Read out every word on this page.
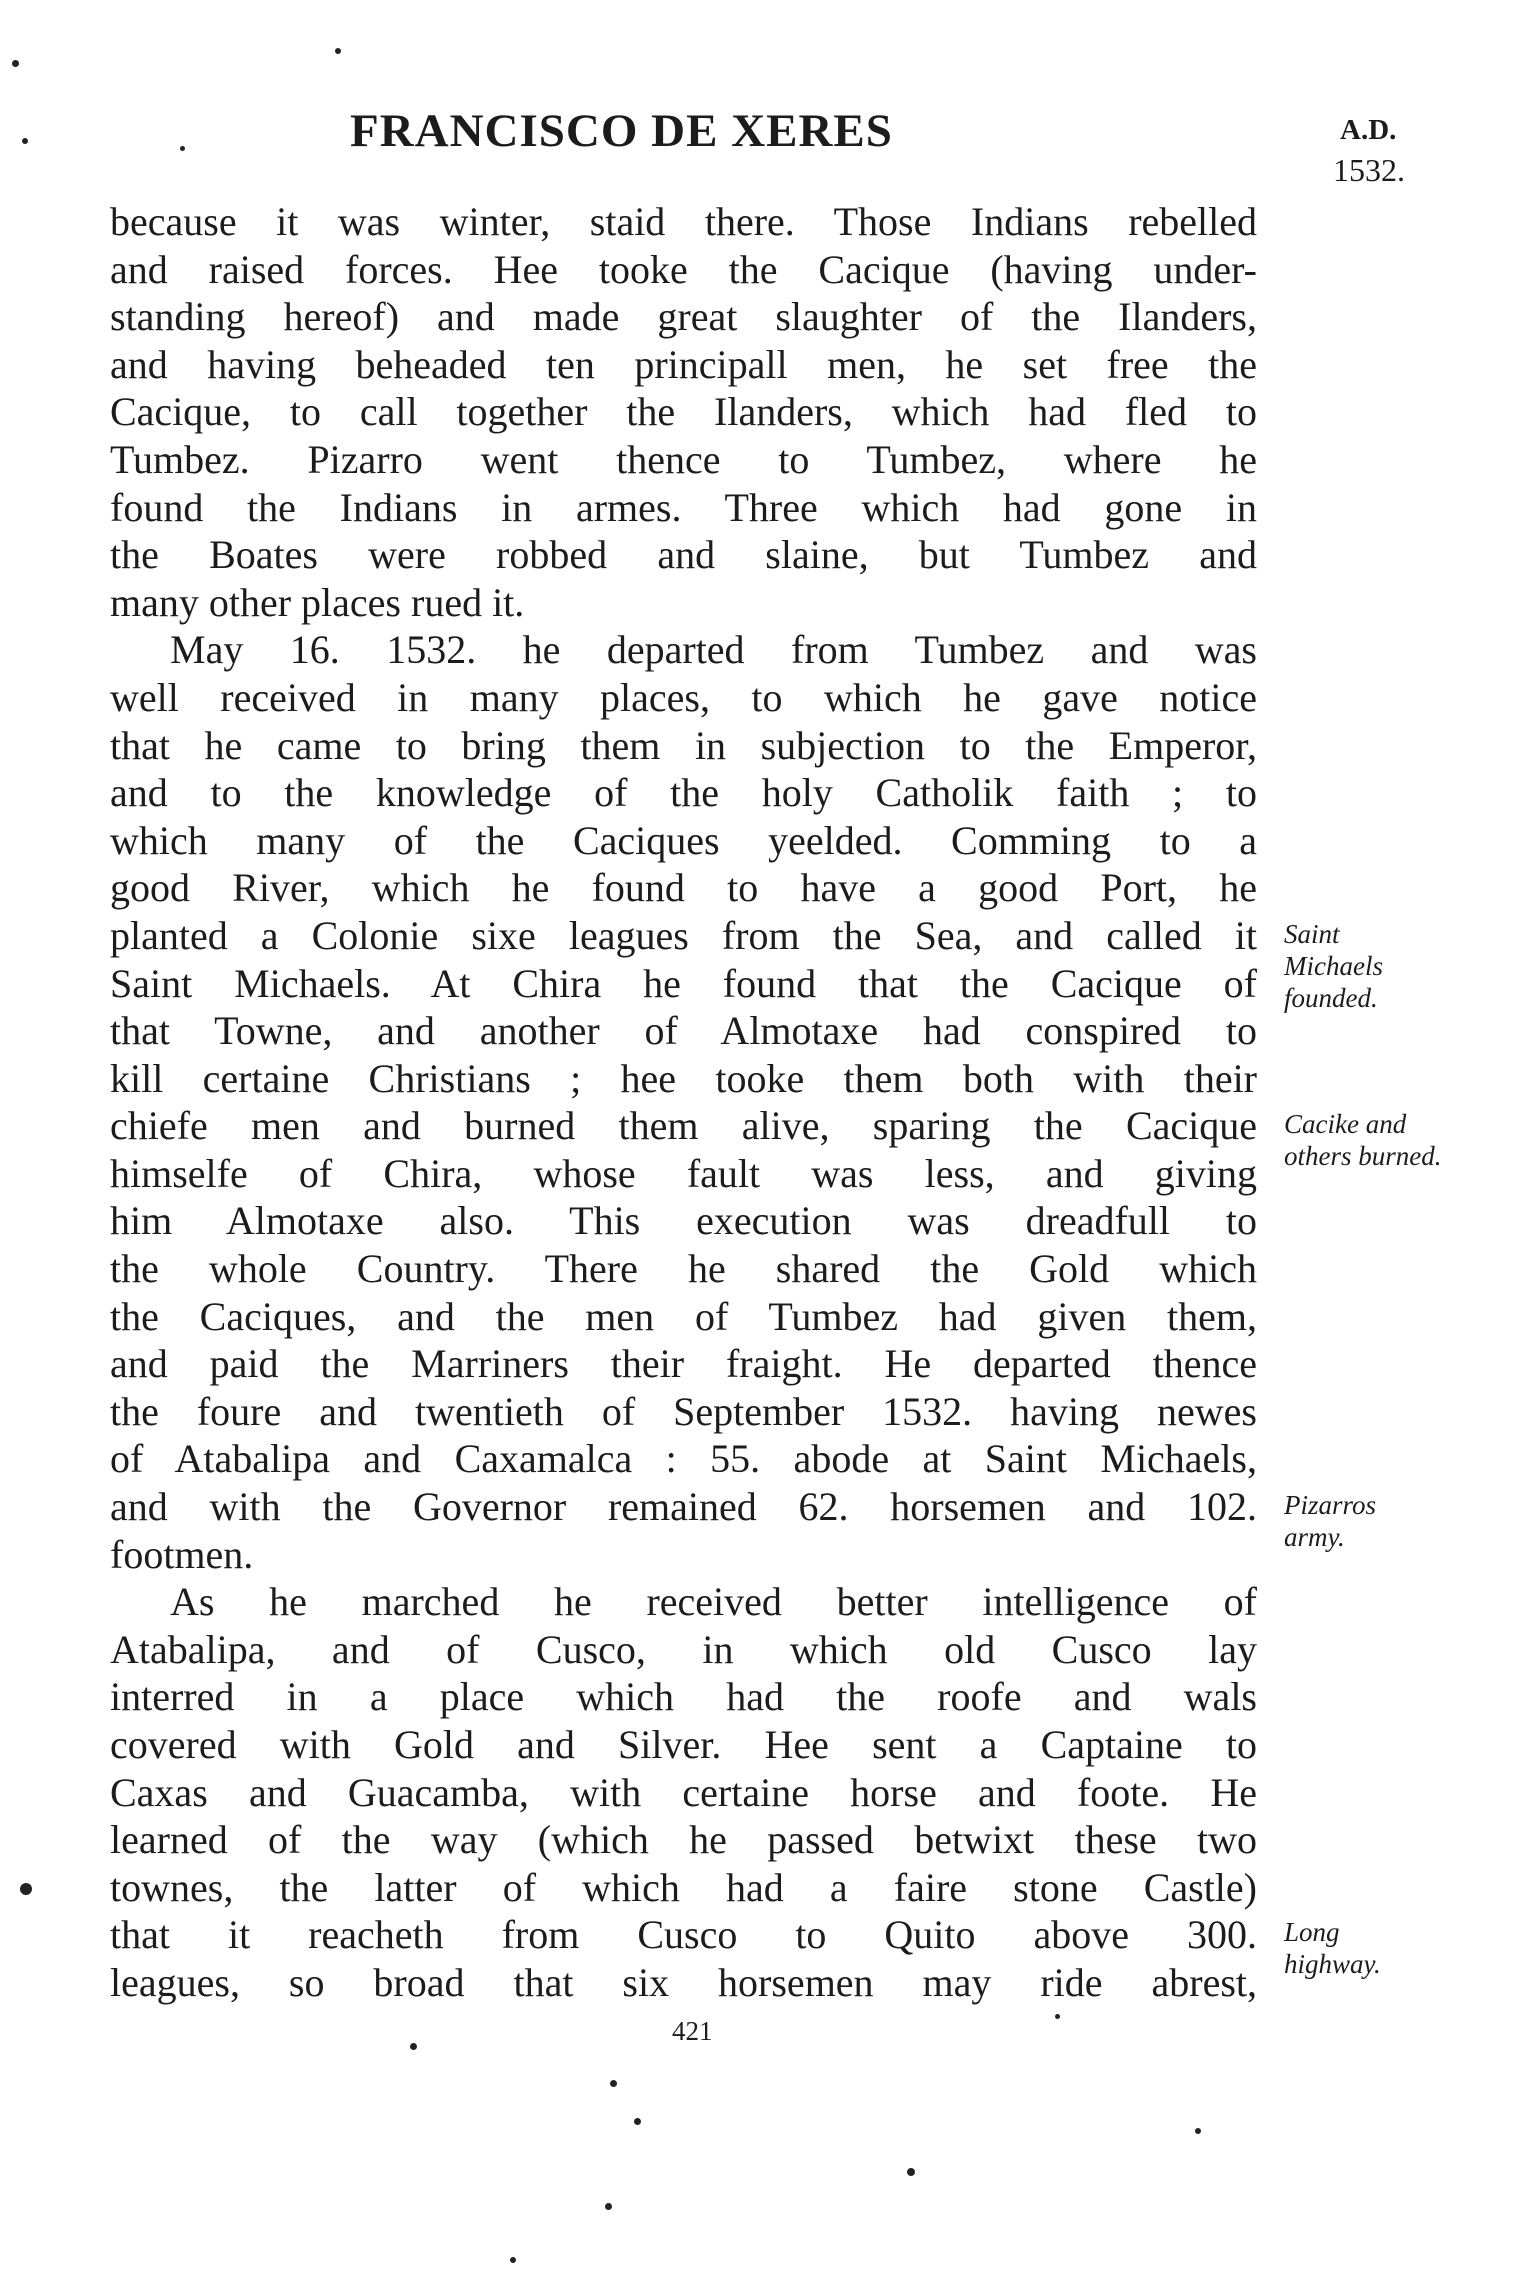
FRANCISCO DE XERES	A.D.
1532.
because it was winter, staid there. Those Indians rebelled
and raised forces. Hee tooke the Cacique (having under-
standing hereof) and made great slaughter of the Ilanders,
and having beheaded ten principall men, he set free the
Cacique, to call together the Ilanders, which had fled to
Tumbez. Pizarro went thence to Tumbez, where he
found the Indians in armes. Three which had gone in
the Boates were robbed and slaine, but Tumbez and
many other places rued it.
May 16. 1532. he departed from Tumbez and was
well received in many places, to which he gave notice
that he came to bring them in subjection to the Emperor,
and to the knowledge of the holy Catholik faith ; to
which many of the Caciques yeelded. Comming to a
good River, which he found to have a good Port, he
planted a Colonie sixe leagues from the Sea, and called it
Saint Michaels. At Chira he found that the Cacique of
that Towne, and another of Almotaxe had conspired to
kill certaine Christians ; hee tooke them both with their
chiefe men and burned them alive, sparing the Cacique
himselfe of Chira, whose fault was less, and giving
him Almotaxe also. This execution was dreadfull to
the whole Country. There he shared the Gold which
the Caciques, and the men of Tumbez had given them,
and paid the Marriners their fraight. He departed thence
the foure and twentieth of September 1532. having newes
of Atabalipa and Caxamalca : 55. abode at Saint Michaels,
and with the Governor remained 62. horsemen and 102.
footmen.
As he marched he received better intelligence of
Atabalipa, and of Cusco, in which old Cusco lay
interred in a place which had the roofe and wals
covered with Gold and Silver. Hee sent a Captaine to
Caxas and Guacamba, with certaine horse and foote. He
learned of the way (which he passed betwixt these two
townes, the latter of which had a faire stone Castle)
that it reacheth from Cusco to Quito above 300.
leagues, so broad that six horsemen may ride abrest,
Saint
Michaels
founded.
Cacike and
others burned.
Pizarros
army.
Long
highway.
421
